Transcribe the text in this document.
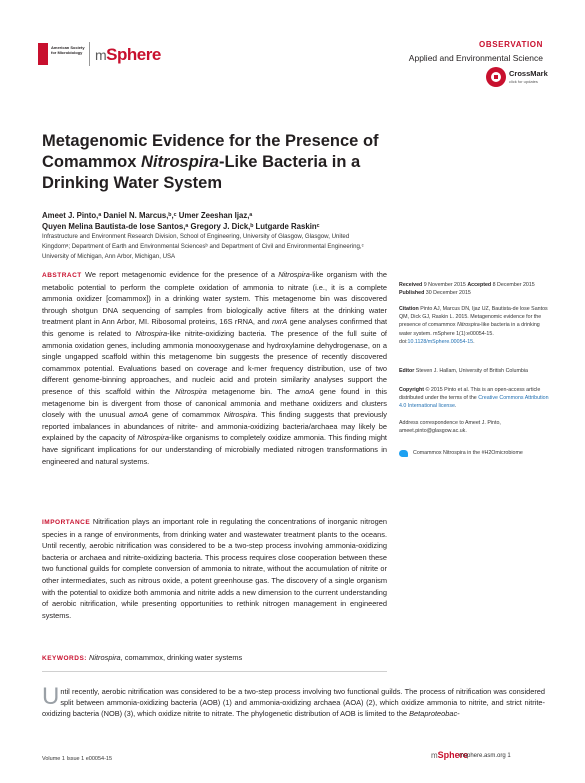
American Society for Microbiology mSphere
OBSERVATION
Applied and Environmental Science
CrossMark
click for updates
Metagenomic Evidence for the Presence of Comammox Nitrospira-Like Bacteria in a Drinking Water System
Ameet J. Pinto,ᵃ Daniel N. Marcus,ᵇ,ᶜ Umer Zeeshan Ijaz,ᵃ
Quyen Melina Bautista-de lose Santos,ᵃ Gregory J. Dick,ᵇ Lutgarde Raskinᶜ
Infrastructure and Environment Research Division, School of Engineering, University of Glasgow, Glasgow, United Kingdomᵃ; Department of Earth and Environmental Sciencesᵇ and Department of Civil and Environmental Engineering,ᶜ University of Michigan, Ann Arbor, Michigan, USA
ABSTRACT We report metagenomic evidence for the presence of a Nitrospira-like organism with the metabolic potential to perform the complete oxidation of ammonia to nitrate (i.e., it is a complete ammonia oxidizer [comammox]) in a drinking water system. This metagenome bin was discovered through shotgun DNA sequencing of samples from biologically active filters at the drinking water treatment plant in Ann Arbor, MI. Ribosomal proteins, 16S rRNA, and nxrA gene analyses confirmed that this genome is related to Nitrospira-like nitrite-oxidizing bacteria. The presence of the full suite of ammonia oxidation genes, including ammonia monooxygenase and hydroxylamine dehydrogenase, on a single ungapped scaffold within this metagenome bin suggests the presence of recently discovered comammox potential. Evaluations based on coverage and k-mer frequency distribution, use of two different genome-binning approaches, and nucleic acid and protein similarity analyses support the presence of this scaffold within the Nitrospira metagenome bin. The amoA gene found in this metagenome bin is divergent from those of canonical ammonia and methane oxidizers and clusters closely with the unusual amoA gene of comammox Nitrospira. This finding suggests that previously reported imbalances in abundances of nitrite- and ammonia-oxidizing bacteria/archaea may likely be explained by the capacity of Nitrospira-like organisms to completely oxidize ammonia. This finding might have significant implications for our understanding of microbially mediated nitrogen transformations in engineered and natural systems.
IMPORTANCE Nitrification plays an important role in regulating the concentrations of inorganic nitrogen species in a range of environments, from drinking water and wastewater treatment plants to the oceans. Until recently, aerobic nitrification was considered to be a two-step process involving ammonia-oxidizing bacteria or archaea and nitrite-oxidizing bacteria. This process requires close cooperation between these two functional guilds for complete conversion of ammonia to nitrate, without the accumulation of nitrite or other intermediates, such as nitrous oxide, a potent greenhouse gas. The discovery of a single organism with the potential to oxidize both ammonia and nitrite adds a new dimension to the current understanding of aerobic nitrification, while presenting opportunities to rethink nitrogen management in engineered systems.
KEYWORDS: Nitrospira, comammox, drinking water systems
Until recently, aerobic nitrification was considered to be a two-step process involving two functional guilds. The process of nitrification was considered split between ammonia-oxidizing bacteria (AOB) (1) and ammonia-oxidizing archaea (AOA) (2), which oxidize ammonia to nitrite, and strict nitrite-oxidizing bacteria (NOB) (3), which oxidize nitrite to nitrate. The phylogenetic distribution of AOB is limited to the Betaproteobac-
Received 9 November 2015 Accepted 8 December 2015 Published 30 December 2015
Citation Pinto AJ, Marcus DN, Ijaz UZ, Bautista-de lose Santos QM, Dick GJ, Raskin L. 2015. Metagenomic evidence for the presence of comammox Nitrospira-like bacteria in a drinking water system. mSphere 1(1):e00054-15. doi:10.1128/mSphere.00054-15.
Editor Steven J. Hallam, University of British Columbia
Copyright © 2015 Pinto et al. This is an open-access article distributed under the terms of the Creative Commons Attribution 4.0 International license.
Address correspondence to Ameet J. Pinto, ameet.pinto@glasgow.ac.uk.
Comammox Nitrospira in the #H2Omicrobiome
Volume 1 Issue 1 e00054-15	mSphere
msphere.asm.org 1
